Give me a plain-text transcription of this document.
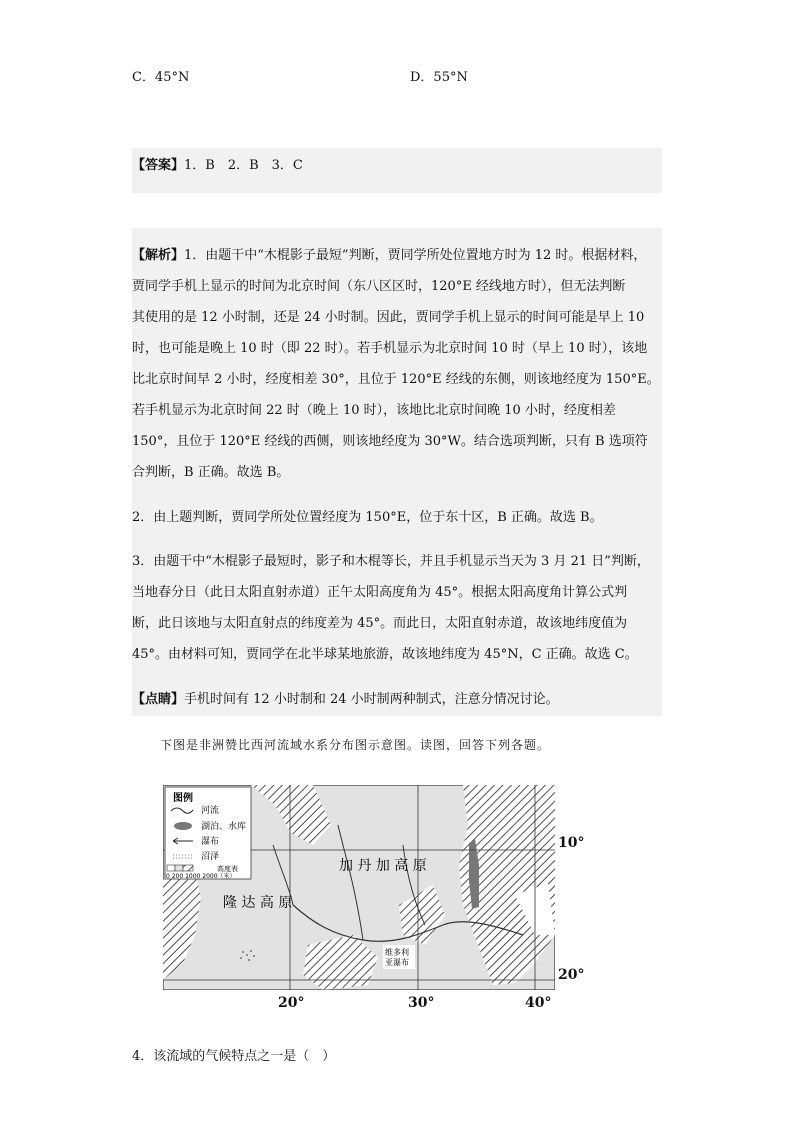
C．45°N	D．55°N
【答案】1．B　2．B　3．C
【解析】1．由题干中“木棍影子最短”判断，贾同学所处位置地方时为 12 时。根据材料，
贾同学手机上显示的时间为北京时间（东八区区时，120°E 经线地方时），但无法判断
其使用的是 12 小时制，还是 24 小时制。因此，贾同学手机上显示的时间可能是早上 10
时，也可能是晚上 10 时（即 22 时）。若手机显示为北京时间 10 时（早上 10 时），该地
比北京时间早 2 小时，经度相差 30°，且位于 120°E 经线的东侧，则该地经度为 150°E。
若手机显示为北京时间 22 时（晚上 10 时），该地比北京时间晚 10 小时，经度相差
150°，且位于 120°E 经线的西侧，则该地经度为 30°W。结合选项判断，只有 B 选项符
合判断，B 正确。故选 B。
2．由上题判断，贾同学所处位置经度为 150°E，位于东十区，B 正确。故选 B。
3．由题干中“木棍影子最短时，影子和木棍等长，并且手机显示当天为 3 月 21 日”判断，
当地春分日（此日太阳直射赤道）正午太阳高度角为 45°。根据太阳高度角计算公式判
断，此日该地与太阳直射点的纬度差为 45°。而此日，太阳直射赤道，故该地纬度值为
45°。由材料可知，贾同学在北半球某地旅游，故该地纬度为 45°N，C 正确。故选 C。
【点睛】手机时间有 12 小时制和 24 小时制两种制式，注意分情况讨论。
下图是非洲赞比西河流域水系分布图示意图。读图，回答下列各题。
图例
河流
湖泊、水库
瀑布
沼泽
高度表
0 200 1000 2000（米）
加 丹 加 高 原
隆 达 高 原
维多利
亚瀑布
10°
20°
20°	30°	40°
4．该流域的气候特点之一是（　）
